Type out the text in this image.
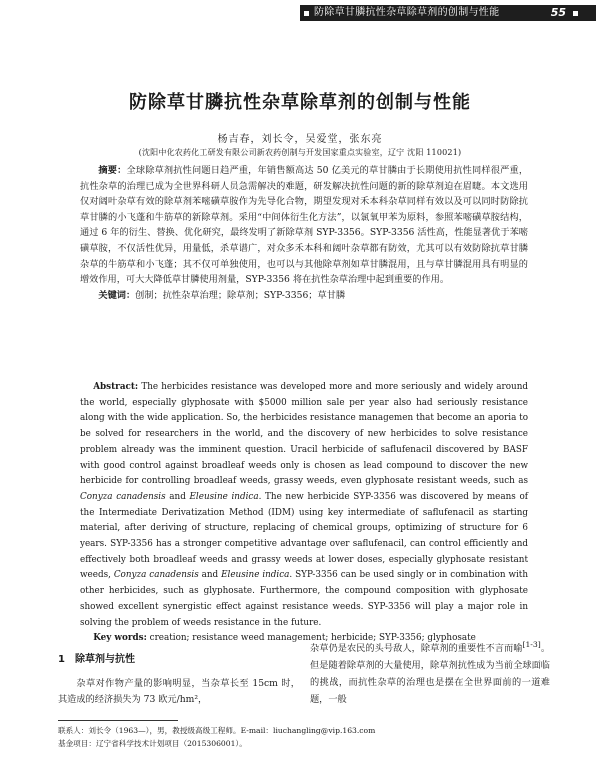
防除草甘膦抗性杂草除草剂的创制与性能	55
防除草甘膦抗性杂草除草剂的创制与性能
杨吉春，刘长令，吴爱堂，张东亮
(沈阳中化农药化工研发有限公司新农药创制与开发国家重点实验室，辽宁 沈阳 110021)

摘要：全球除草剂抗性问题日趋严重，年销售额高达 50 亿美元的草甘膦由于长期使用抗性同样很严重，抗性杂草的治理已成为全世界科研人员急需解决的难题，研发解决抗性问题的新的除草剂迫在眉睫。本文选用仅对阔叶杂草有效的除草剂苯嘧磺草胺作为先导化合物，期望发现对禾本科杂草同样有效以及可以同时防除抗草甘膦的小飞蓬和牛筋草的新除草剂。采用“中间体衍生化方法”，以氯氧甲苯为原料，参照苯嘧磺草胺结构，通过 6 年的衍生、替换、优化研究，最终发明了新除草剂 SYP-3356。SYP-3356 活性高，性能显著优于苯嘧磺草胺，不仅活性优异，用量低，杀草谱广，对众多禾本科和阔叶杂草都有防效，尤其可以有效防除抗草甘膦杂草的牛筋草和小飞蓬；其不仅可单独使用，也可以与其他除草剂如草甘膦混用，且与草甘膦混用具有明显的增效作用，可大大降低草甘膦使用剂量，SYP-3356 将在抗性杂草治理中起到重要的作用。

关键词：创制；抗性杂草治理；除草剂；SYP-3356；草甘膦

Abstract: The herbicides resistance was developed more and more seriously and widely around the world, especially glyphosate with $5000 million sale per year also had seriously resistance along with the wide application. So, the herbicides resistance managemen that become an aporia to be solved for researchers in the world, and the discovery of new herbicides to solve resistance problem already was the imminent question. Uracil herbicide of saflufenacil discovered by BASF with good control against broadleaf weeds only is chosen as lead compound to discover the new herbicide for controlling broadleaf weeds, grassy weeds, even glyphosate resistant weeds, such as Conyza canadensis and Eleusine indica. The new herbicide SYP-3356 was discovered by means of the Intermediate Derivatization Method (IDM) using key intermediate of saflufenacil as starting material, after deriving of structure, replacing of chemical groups, optimizing of structure for 6 years. SYP-3356 has a stronger competitive advantage over saflufenacil, can control efficiently and effectively both broadleaf weeds and grassy weeds at lower doses, especially glyphosate resistant weeds, Conyza canadensis and Eleusine indica. SYP-3356 can be used singly or in combination with other herbicides, such as glyphosate. Furthermore, the compound composition with glyphosate showed excellent synergistic effect against resistance weeds. SYP-3356 will play a major role in solving the problem of weeds resistance in the future.

Key words: creation; resistance weed management; herbicide; SYP-3356; glyphosate

1　除草剂与抗性

杂草对作物产量的影响明显，当杂草长至 15cm 时，其造成的经济损失为 73 欧元/hm²，

杂草仍是农民的头号敌人，除草剂的重要性不言而喻[1-3]。但是随着除草剂的大量使用，除草剂抗性成为当前全球面临的挑战，而抗性杂草的治理也是摆在全世界面前的一道难题，一般

联系人：刘长令（1963—），男，教授级高级工程师。E-mail：liuchangling@vip.163.com

基金项目：辽宁省科学技术计划项目（2015306001）。
